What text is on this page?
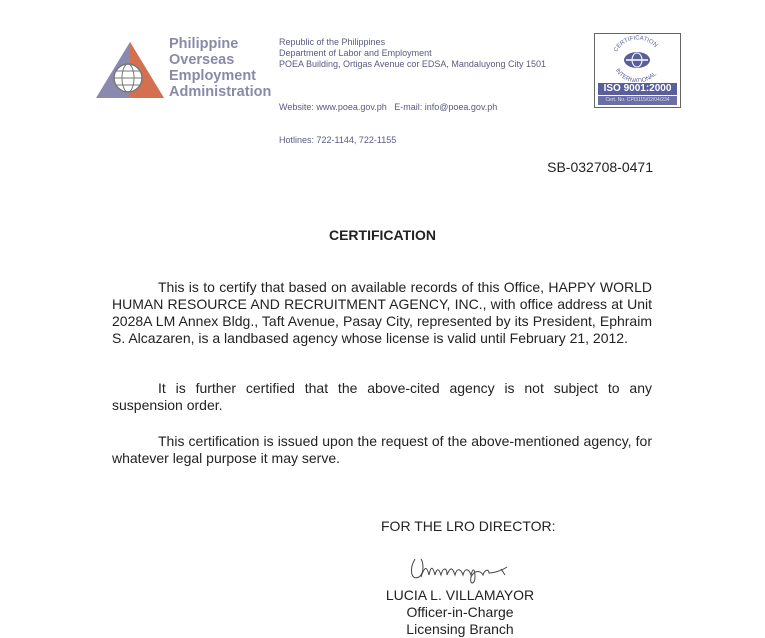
Philippine
Overseas
Employment
Administration
Republic of the Philippines
Department of Labor and Employment
POEA Building, Ortigas Avenue cor EDSA, Mandaluyong City 1501

Website: www.poea.gov.ph   E-mail: info@poea.gov.ph

Hotlines: 722-1144, 722-1155

CERTIFICATION
INTERNATIONAL
ISO 9001:2000
Cert. No. CPI3115/02/04/234
SB-032708-0471
CERTIFICATION

This is to certify that based on available records of this Office, HAPPY WORLD HUMAN RESOURCE AND RECRUITMENT AGENCY, INC., with office address at Unit 2028A LM Annex Bldg., Taft Avenue, Pasay City, represented by its President, Ephraim S. Alcazaren, is a landbased agency whose license is valid until February 21, 2012.

It is further certified that the above-cited agency is not subject to any suspension order.

This certification is issued upon the request of the above-mentioned agency, for whatever legal purpose it may serve.

FOR THE LRO DIRECTOR:
LUCIA L. VILLAMAYOR
Officer-in-Charge
Licensing Branch
